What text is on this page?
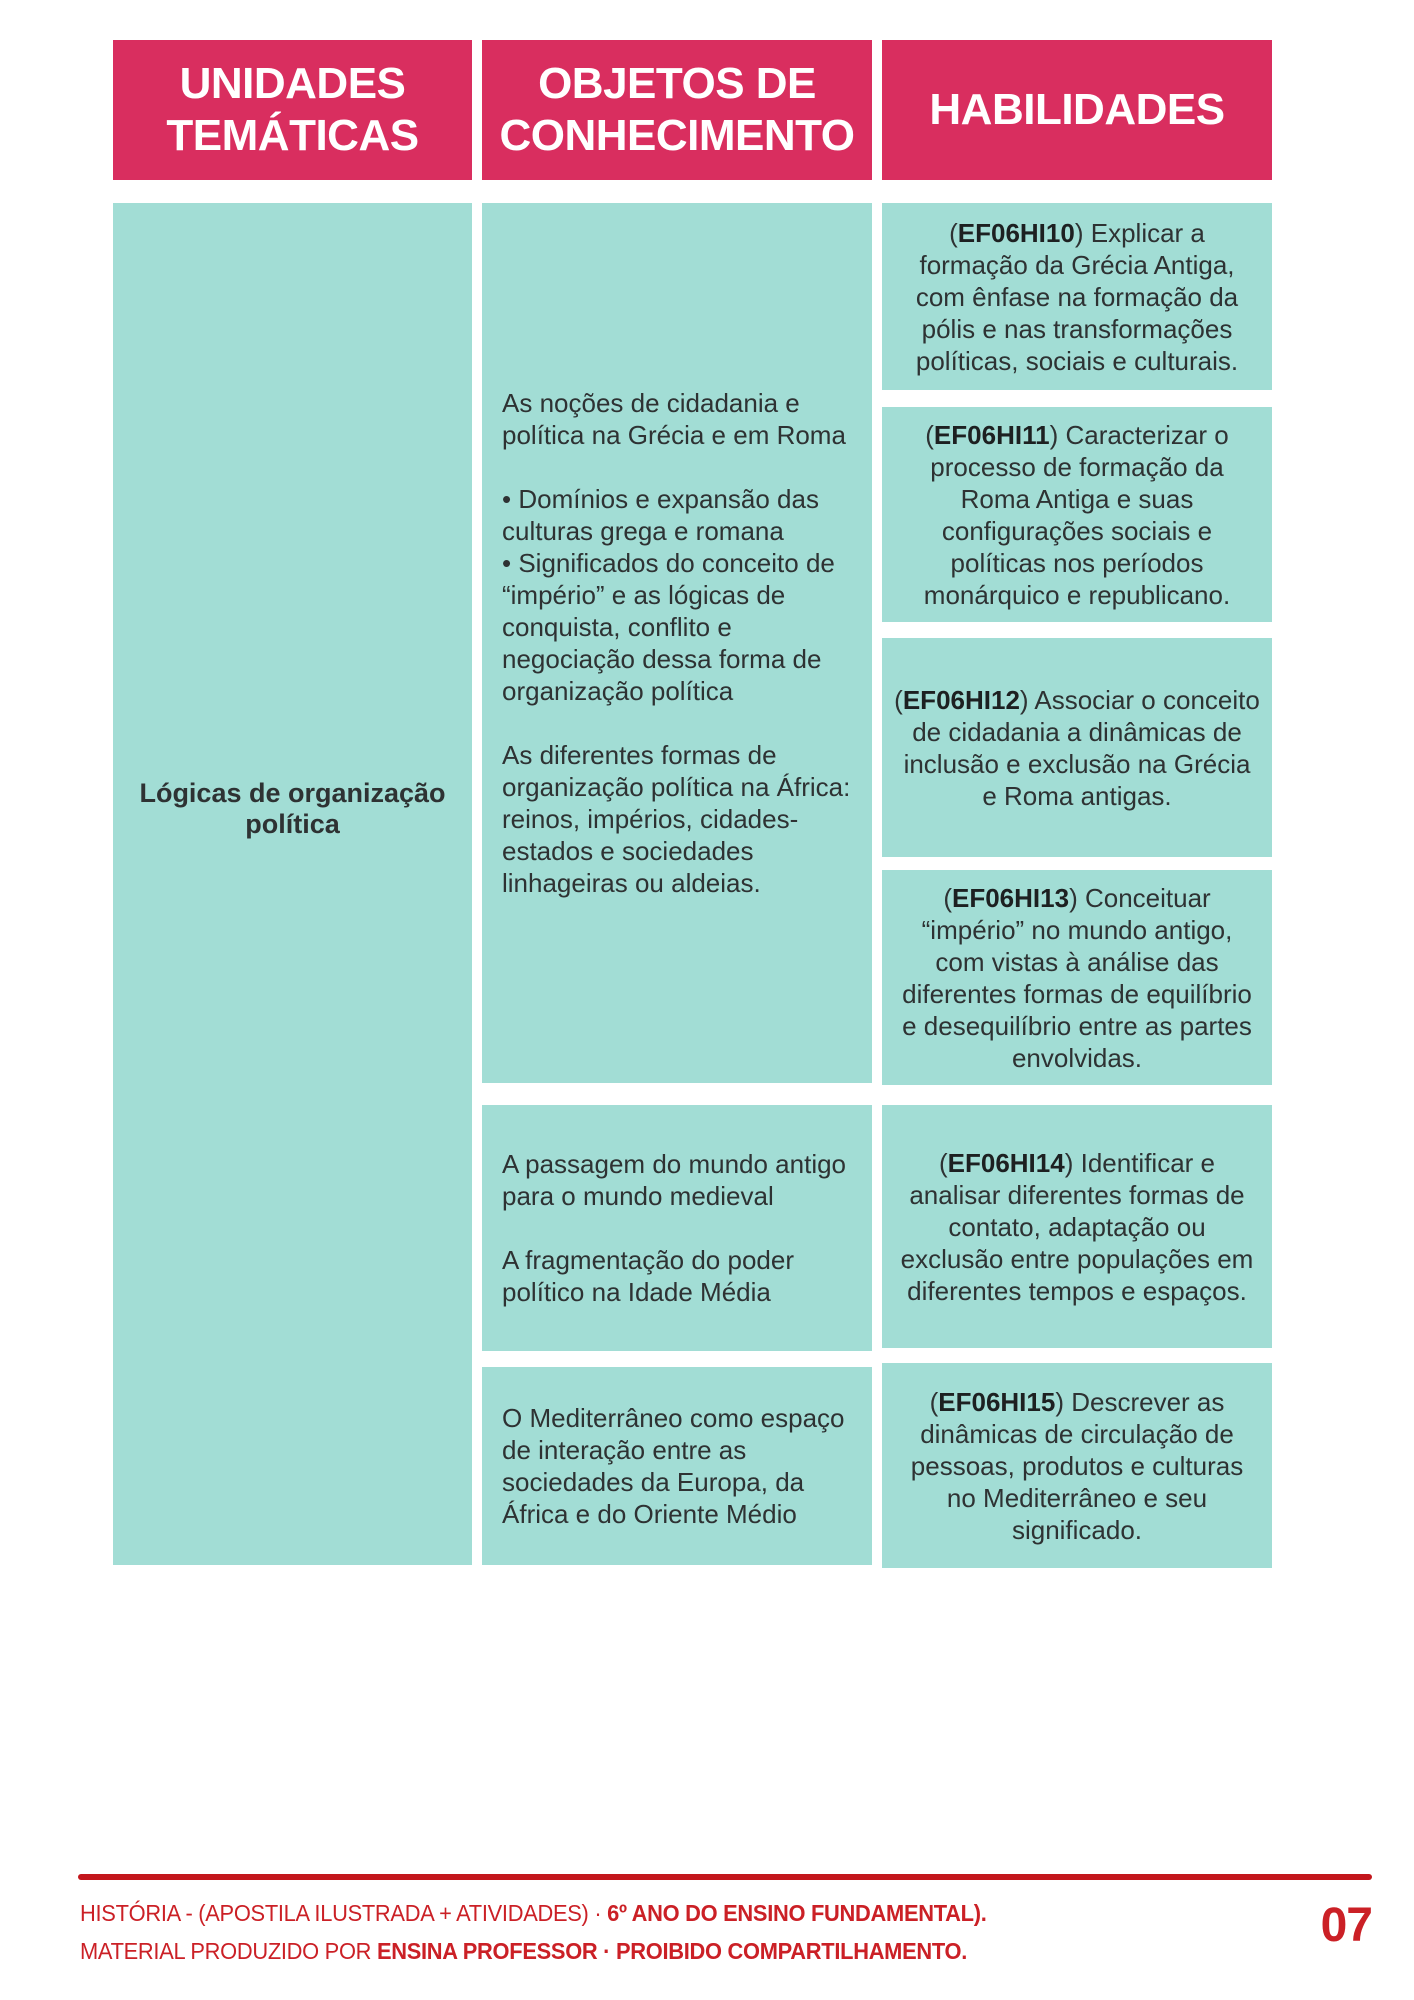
UNIDADES TEMÁTICAS
OBJETOS DE CONHECIMENTO
HABILIDADES
Lógicas de organização política

As noções de cidadania e política na Grécia e em Roma

• Domínios e expansão das culturas grega e romana

• Significados do conceito de “império” e as lógicas de conquista, conflito e negociação dessa forma de organização política

As diferentes formas de organização política na África: reinos, impérios, cidades-estados e sociedades linhageiras ou aldeias.

A passagem do mundo antigo para o mundo medieval

A fragmentação do poder político na Idade Média

O Mediterrâneo como espaço de interação entre as sociedades da Europa, da África e do Oriente Médio

(EF06HI10) Explicar a formação da Grécia Antiga, com ênfase na formação da pólis e nas transformações políticas, sociais e culturais.

(EF06HI11) Caracterizar o processo de formação da Roma Antiga e suas configurações sociais e políticas nos períodos monárquico e republicano.

(EF06HI12) Associar o conceito de cidadania a dinâmicas de inclusão e exclusão na Grécia e Roma antigas.

(EF06HI13) Conceituar “império” no mundo antigo, com vistas à análise das diferentes formas de equilíbrio e desequilíbrio entre as partes envolvidas.

(EF06HI14) Identificar e analisar diferentes formas de contato, adaptação ou exclusão entre populações em diferentes tempos e espaços.

(EF06HI15) Descrever as dinâmicas de circulação de pessoas, produtos e culturas no Mediterrâneo e seu significado.

HISTÓRIA - (APOSTILA ILUSTRADA + ATIVIDADES) · 6º ANO DO ENSINO FUNDAMENTAL).
MATERIAL PRODUZIDO POR ENSINA PROFESSOR · PROIBIDO COMPARTILHAMENTO.	07
